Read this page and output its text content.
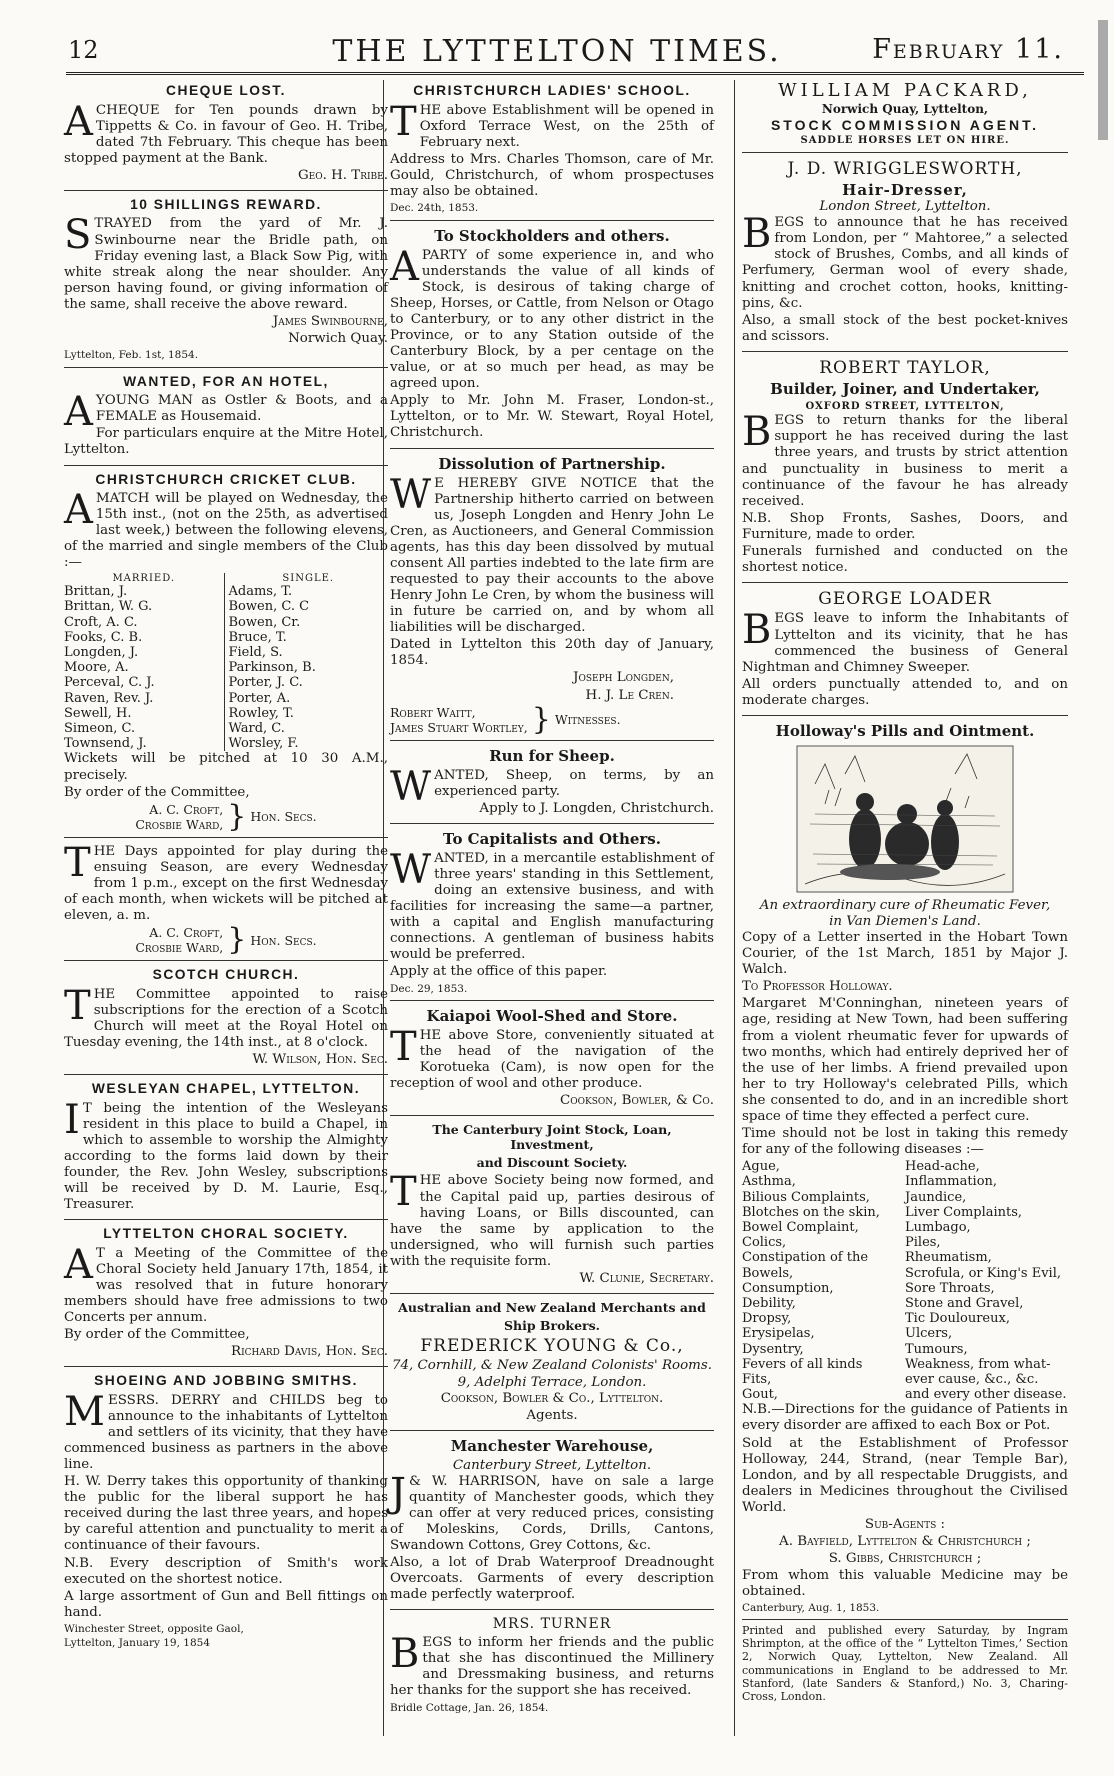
12	THE LYTTELTON TIMES.	February 11.
CHEQUE LOST.

ACHEQUE for Ten pounds drawn by Tippetts & Co. in favour of Geo. H. Tribe, dated 7th February. This cheque has been stopped payment at the Bank.

Geo. H. Tribe.

10 SHILLINGS REWARD.

STRAYED from the yard of Mr. J. Swinbourne near the Bridle path, on Friday evening last, a Black Sow Pig, with white streak along the near shoulder. Any person having found, or giving information of the same, shall receive the above reward.

James Swinbourne,

Norwich Quay.

Lyttelton, Feb. 1st, 1854.

WANTED, FOR AN HOTEL,

AYOUNG MAN as Ostler & Boots, and a FEMALE as Housemaid.

For particulars enquire at the Mitre Hotel, Lyttelton.

CHRISTCHURCH CRICKET CLUB.

AMATCH will be played on Wednesday, the 15th inst., (not on the 25th, as advertised last week,) between the following elevens, of the married and single members of the Club :—

MARRIED.
Brittan, J.
Brittan, W. G.
Croft, A. C.
Fooks, C. B.
Longden, J.
Moore, A.
Perceval, C. J.
Raven, Rev. J.
Sewell, H.
Simeon, C.
Townsend, J.
SINGLE.
Adams, T.
Bowen, C. C
Bowen, Cr.
Bruce, T.
Field, S.
Parkinson, B.
Porter, J. C.
Porter, A.
Rowley, T.
Ward, C.
Worsley, F.

Wickets will be pitched at 10 30 A.M., precisely.

By order of the Committee,

A. C. Croft,
Crosbie Ward, } Hon. Secs.

THE Days appointed for play during the ensuing Season, are every Wednesday from 1 p.m., except on the first Wednesday of each month, when wickets will be pitched at eleven, a. m.

A. C. Croft,
Crosbie Ward, } Hon. Secs.
SCOTCH CHURCH.

THE Committee appointed to raise subscriptions for the erection of a Scotch Church will meet at the Royal Hotel on Tuesday evening, the 14th inst., at 8 o'clock.

W. Wilson, Hon. Sec.

WESLEYAN CHAPEL, LYTTELTON.

I T being the intention of the Wesleyans resident in this place to build a Chapel, in which to assemble to worship the Almighty according to the forms laid down by their founder, the Rev. John Wesley, subscriptions will be received by D. M. Laurie, Esq., Treasurer.

LYTTELTON CHORAL SOCIETY.

A T a Meeting of the Committee of the Choral Society held January 17th, 1854, it was resolved that in future honorary members should have free admissions to two Concerts per annum.

By order of the Committee,

Richard Davis, Hon. Sec.

SHOEING AND JOBBING SMITHS.

MESSRS. DERRY and CHILDS beg to announce to the inhabitants of Lyttelton and settlers of its vicinity, that they have commenced business as partners in the above line.

H. W. Derry takes this opportunity of thanking the public for the liberal support he has received during the last three years, and hopes by careful attention and punctuality to merit a continuance of their favours.

N.B. Every description of Smith's work executed on the shortest notice.

A large assortment of Gun and Bell fittings on hand.

Winchester Street, opposite Gaol,

Lyttelton, January 19, 1854

CHRISTCHURCH LADIES' SCHOOL.

THE above Establishment will be opened in Oxford Terrace West, on the 25th of February next.

Address to Mrs. Charles Thomson, care of Mr. Gould, Christchurch, of whom prospectuses may also be obtained.

Dec. 24th, 1853.

To Stockholders and others.

APARTY of some experience in, and who understands the value of all kinds of Stock, is desirous of taking charge of Sheep, Horses, or Cattle, from Nelson or Otago to Canterbury, or to any other district in the Province, or to any Station outside of the Canterbury Block, by a per centage on the value, or at so much per head, as may be agreed upon.

Apply to Mr. John M. Fraser, London-st., Lyttelton, or to Mr. W. Stewart, Royal Hotel, Christchurch.

Dissolution of Partnership.

W E HEREBY GIVE NOTICE that the Partnership hitherto carried on between us, Joseph Longden and Henry John Le Cren, as Auctioneers, and General Commission agents, has this day been dissolved by mutual consent All parties indebted to the late firm are requested to pay their accounts to the above Henry John Le Cren, by whom the business will in future be carried on, and by whom all liabilities will be discharged.

Dated in Lyttelton this 20th day of January, 1854.

Joseph Longden,

H. J. Le Cren.

Robert Waitt,
James Stuart Wortley, } Witnesses.
Run for Sheep.

WANTED, Sheep, on terms, by an experienced party.

Apply to J. Longden, Christchurch.

To Capitalists and Others.

WANTED, in a mercantile establishment of three years' standing in this Settlement, doing an extensive business, and with facilities for increasing the same—a partner, with a capital and English manufacturing connections. A gentleman of business habits would be preferred.

Apply at the office of this paper.

Dec. 29, 1853.

Kaiapoi Wool-Shed and Store.

THE above Store, conveniently situated at the head of the navigation of the Korotueka (Cam), is now open for the reception of wool and other produce.

Cookson, Bowler, & Co.

The Canterbury Joint Stock, Loan, Investment,
and Discount Society.

THE above Society being now formed, and the Capital paid up, parties desirous of having Loans, or Bills discounted, can have the same by application to the undersigned, who will furnish such parties with the requisite form.

W. Clunie, Secretary.

Australian and New Zealand Merchants and
Ship Brokers.
FREDERICK YOUNG & Co.,

74, Cornhill, & New Zealand Colonists' Rooms.

9, Adelphi Terrace, London.

Cookson, Bowler & Co., Lyttelton.

Agents.

Manchester Warehouse,

Canterbury Street, Lyttelton.

J & W. HARRISON, have on sale a large quantity of Manchester goods, which they can offer at very reduced prices, consisting of Moleskins, Cords, Drills, Cantons, Swandown Cottons, Grey Cottons, &c.

Also, a lot of Drab Waterproof Dreadnought Overcoats. Garments of every description made perfectly waterproof.

MRS. TURNER

BEGS to inform her friends and the public that she has discontinued the Millinery and Dressmaking business, and returns her thanks for the support she has received.

Bridle Cottage, Jan. 26, 1854.

WILLIAM PACKARD,
Norwich Quay, Lyttelton,
STOCK COMMISSION AGENT.
SADDLE HORSES LET ON HIRE.
J. D. WRIGGLESWORTH,
Hair-Dresser,

London Street, Lyttelton.

BEGS to announce that he has received from London, per “ Mahtoree,” a selected stock of Brushes, Combs, and all kinds of Perfumery, German wool of every shade, knitting and crochet cotton, hooks, knitting-pins, &c.

Also, a small stock of the best pocket-knives and scissors.

ROBERT TAYLOR,
Builder, Joiner, and Undertaker,
OXFORD STREET, LYTTELTON,

BEGS to return thanks for the liberal support he has received during the last three years, and trusts by strict attention and punctuality in business to merit a continuance of the favour he has already received.

N.B. Shop Fronts, Sashes, Doors, and Furniture, made to order.

Funerals furnished and conducted on the shortest notice.

GEORGE LOADER

BEGS leave to inform the Inhabitants of Lyttelton and its vicinity, that he has commenced the business of General Nightman and Chimney Sweeper.

All orders punctually attended to, and on moderate charges.

Holloway's Pills and Ointment.

An extraordinary cure of Rheumatic Fever,

in Van Diemen's Land.

Copy of a Letter inserted in the Hobart Town Courier, of the 1st March, 1851 by Major J. Walch.

To Professor Holloway.

Margaret M'Conninghan, nineteen years of age, residing at New Town, had been suffering from a violent rheumatic fever for upwards of two months, which had entirely deprived her of the use of her limbs. A friend prevailed upon her to try Holloway's celebrated Pills, which she consented to do, and in an incredible short space of time they effected a perfect cure.

Time should not be lost in taking this remedy for any of the following diseases :—

Ague,
Asthma,
Bilious Complaints,
Blotches on the skin,
Bowel Complaint,
Colics,
Constipation of the
Bowels,
Consumption,
Debility,
Dropsy,
Erysipelas,
Dysentry,
Fevers of all kinds
Fits,
Gout,
Head-ache,
Inflammation,
Jaundice,
Liver Complaints,
Lumbago,
Piles,
Rheumatism,
Scrofula, or King's Evil,
Sore Throats,
Stone and Gravel,
Tic Douloureux,
Ulcers,
Tumours,
Weakness, from what-
ever cause, &c., &c.
and every other disease.

N.B.—Directions for the guidance of Patients in every disorder are affixed to each Box or Pot.

Sold at the Establishment of Professor Holloway, 244, Strand, (near Temple Bar), London, and by all respectable Druggists, and dealers in Medicines throughout the Civilised World.

Sub-Agents :

A. Bayfield, Lyttelton & Christchurch ;

S. Gibbs, Christchurch ;

From whom this valuable Medicine may be obtained.

Canterbury, Aug. 1, 1853.

Printed and published every Saturday, by Ingram Shrimpton, at the office of the “ Lyttelton Times,’ Section 2, Norwich Quay, Lyttelton, New Zealand. All communications in England to be addressed to Mr. Stanford, (late Sanders & Stanford,) No. 3, Charing-Cross, London.
